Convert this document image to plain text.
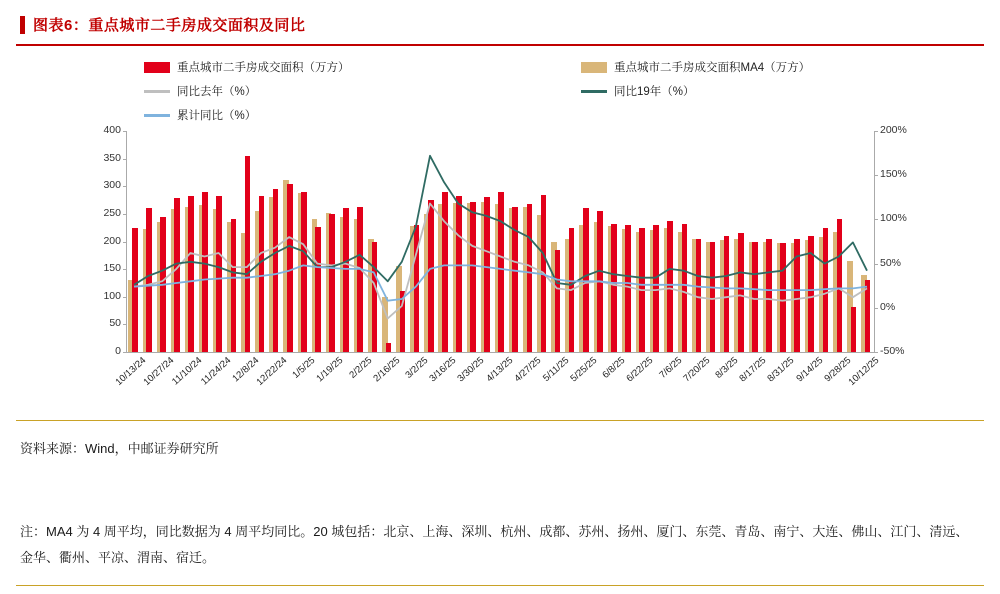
图表6：重点城市二手房成交面积及同比
重点城市二手房成交面积（万方）	重点城市二手房成交面积MA4（万方）
同比去年（%）	同比19年（%）
累计同比（%）
0
50
100
150
200
250
300
350
400
-50%
0%
50%
100%
150%
200%
10/13/24
10/27/24
11/10/24
11/24/24
12/8/24
12/22/24 1/5/25
1/19/25 2/2/25
2/16/25 3/2/25
3/16/25
3/30/25
4/13/25
4/27/25
5/11/25
5/25/25 6/8/25
6/22/25 7/6/25
7/20/25 8/3/25
8/17/25
8/31/25
9/14/25
9/28/25
10/12/25
资料来源：Wind，中邮证券研究所
注：MA4 为 4 周平均，同比数据为 4 周平均同比。20 城包括：北京、上海、深圳、杭州、成都、苏州、扬州、厦门、东莞、青岛、南宁、大连、佛山、江门、清远、金华、衢州、平凉、渭南、宿迁。
